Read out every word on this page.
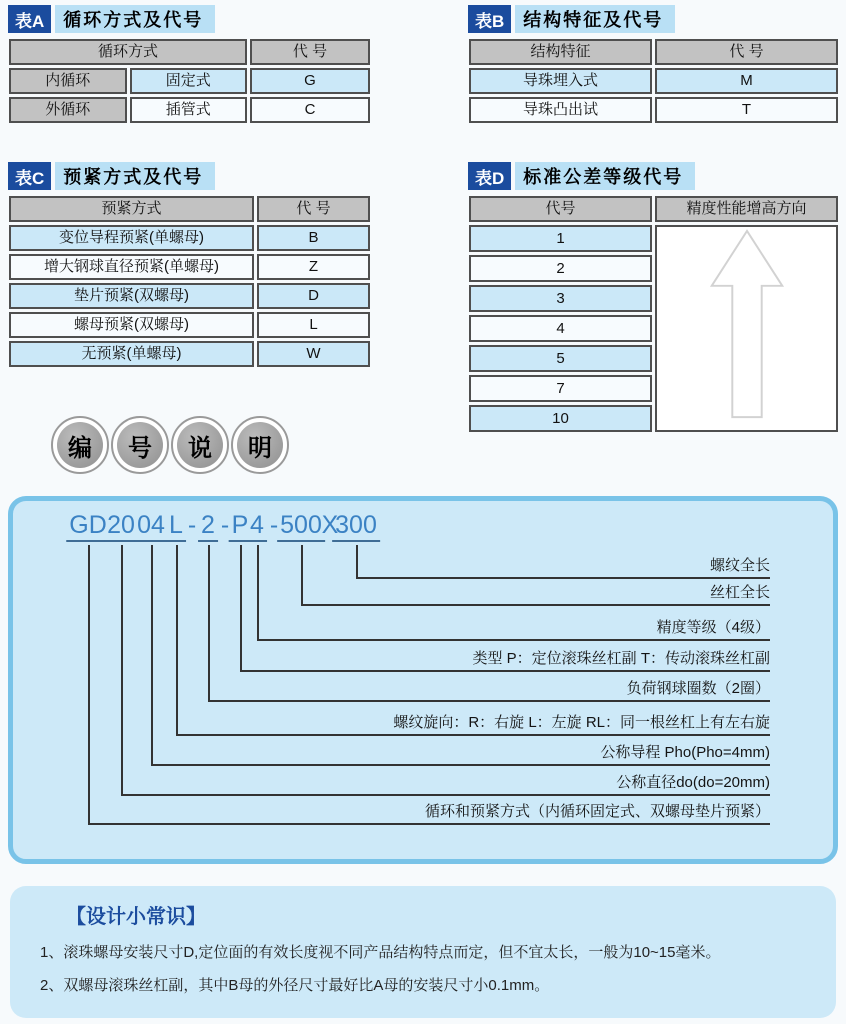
表A	循环方式及代号
循环方式		代 号
内循环	固定式	G
外循环	插管式	C
表B	结构特征及代号
结构特征	代 号
导珠埋入式	M
导珠凸出试	T
表C	预紧方式及代号
预紧方式	代 号
变位导程预紧(单螺母)	B
增大钢球直径预紧(单螺母)	Z
垫片预紧(双螺母)	D
螺母预紧(双螺母)	L
无预紧(单螺母)	W
表D	标准公差等级代号
代号	精度性能增高方向
1	
2	
3	
4	
5	
7	
10	
编	号	说	明
GD 20 04 L - 2 - P 4 - 500 X
300
螺纹全长
丝杠全长
精度等级（4级）
类型 P：定位滚珠丝杠副 T：传动滚珠丝杠副
负荷钢球圈数（2圈）
螺纹旋向：R：右旋 L：左旋 RL：同一根丝杠上有左右旋
公称导程 Pho(Pho=4mm)
公称直径do(do=20mm)
循环和预紧方式（内循环固定式、双螺母垫片预紧）
【设计小常识】
1、滚珠螺母安装尺寸D,定位面的有效长度视不同产品结构特点而定，但不宜太长，一般为10~15毫米。
2、双螺母滚珠丝杠副，其中B母的外径尺寸最好比A母的安装尺寸小0.1mm。
